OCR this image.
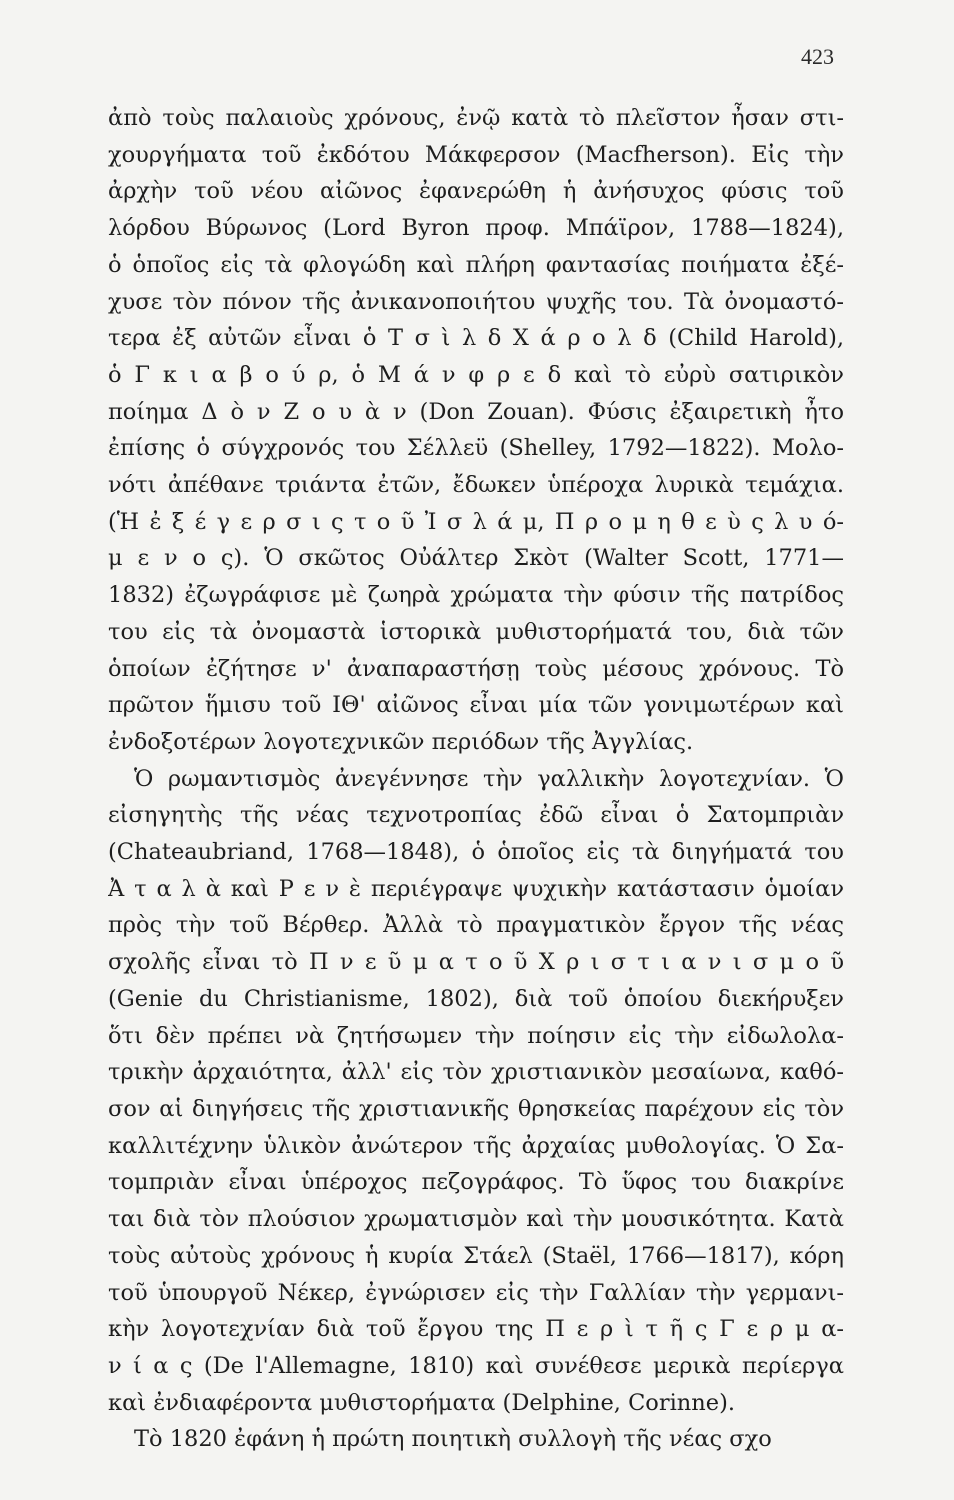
423
ἀπὸ τοὺς παλαιοὺς χρόνους, ἐνῷ κατὰ τὸ πλεῖστον ἦσαν στι-
χουργήματα τοῦ ἐκδότου Μάκφερσον (Macfherson). Εἰς τὴν
ἀρχὴν τοῦ νέου αἰῶνος ἐφανερώθη ἡ ἀνήσυχος φύσις τοῦ
λόρδου Βύρωνος (Lord Byron προφ. Μπάϊρον, 1788—1824),
ὁ ὁποῖος εἰς τὰ φλογώδη καὶ πλήρη φαντασίας ποιήματα ἐξέ-
χυσε τὸν πόνον τῆς ἀνικανοποιήτου ψυχῆς του. Τὰ ὀνομαστό-
τερα ἐξ αὐτῶν εἶναι ὁ Τ σ ὶ λ δ Χ ά ρ ο λ δ (Child Harold),
ὁ Γ κ ι α β ο ύ ρ, ὁ Μ ά ν φ ρ ε δ καὶ τὸ εὐρὺ σατιρικὸν
ποίημα Δ ὸ ν Ζ ο υ ὰ ν (Don Zouan). Φύσις ἐξαιρετικὴ ἦτο
ἐπίσης ὁ σύγχρονός του Σέλλεϋ (Shelley, 1792—1822). Μολο-
νότι ἀπέθανε τριάντα ἐτῶν, ἔδωκεν ὑπέροχα λυρικὰ τεμάχια.
(Ἡ ἐ ξ έ γ ε ρ σ ι ς τ ο ῦ Ἰ σ λ ά μ, Π ρ ο μ η θ ε ὺ ς λ υ ό-
μ ε ν ο ς). Ὁ σκῶτος Οὐάλτερ Σκὸτ (Walter Scott, 1771—
1832) ἐζωγράφισε μὲ ζωηρὰ χρώματα τὴν φύσιν τῆς πατρίδος
του εἰς τὰ ὀνομαστὰ ἱστορικὰ μυθιστορήματά του, διὰ τῶν
ὁποίων ἐζήτησε ν' ἀναπαραστήσῃ τοὺς μέσους χρόνους. Τὸ
πρῶτον ἥμισυ τοῦ ΙΘ' αἰῶνος εἶναι μία τῶν γονιμωτέρων καὶ
ἐνδοξοτέρων λογοτεχνικῶν περιόδων τῆς Ἀγγλίας.
Ὁ ρωμαντισμὸς ἀνεγέννησε τὴν γαλλικὴν λογοτεχνίαν. Ὁ
εἰσηγητὴς τῆς νέας τεχνοτροπίας ἐδῶ εἶναι ὁ Σατομπριὰν
(Chateaubriand, 1768—1848), ὁ ὁποῖος εἰς τὰ διηγήματά του
Ἀ τ α λ ὰ καὶ Ρ ε ν ὲ περιέγραψε ψυχικὴν κατάστασιν ὁμοίαν
πρὸς τὴν τοῦ Βέρθερ. Ἀλλὰ τὸ πραγματικὸν ἔργον τῆς νέας
σχολῆς εἶναι τὸ Π ν ε ῦ μ α τ ο ῦ Χ ρ ι σ τ ι α ν ι σ μ ο ῦ
(Genie du Christianisme, 1802), διὰ τοῦ ὁποίου διεκήρυξεν
ὅτι δὲν πρέπει νὰ ζητήσωμεν τὴν ποίησιν εἰς τὴν εἰδωλολα-
τρικὴν ἀρχαιότητα, ἀλλ' εἰς τὸν χριστιανικὸν μεσαίωνα, καθό-
σον αἱ διηγήσεις τῆς χριστιανικῆς θρησκείας παρέχουν εἰς τὸν
καλλιτέχνην ὑλικὸν ἀνώτερον τῆς ἀρχαίας μυθολογίας. Ὁ Σα-
τομπριὰν εἶναι ὑπέροχος πεζογράφος. Τὸ ὕφος του διακρίνε
ται διὰ τὸν πλούσιον χρωματισμὸν καὶ τὴν μουσικότητα. Κατὰ
τοὺς αὐτοὺς χρόνους ἡ κυρία Στάελ (Staël, 1766—1817), κόρη
τοῦ ὑπουργοῦ Νέκερ, ἐγνώρισεν εἰς τὴν Γαλλίαν τὴν γερμανι-
κὴν λογοτεχνίαν διὰ τοῦ ἔργου της Π ε ρ ὶ τ ῆ ς Γ ε ρ μ α-
ν ί α ς (De l'Allemagne, 1810) καὶ συνέθεσε μερικὰ περίεργα
καὶ ἐνδιαφέροντα μυθιστορήματα (Delphine, Corinne).
Τὸ 1820 ἐφάνη ἡ πρώτη ποιητικὴ συλλογὴ τῆς νέας σχο
